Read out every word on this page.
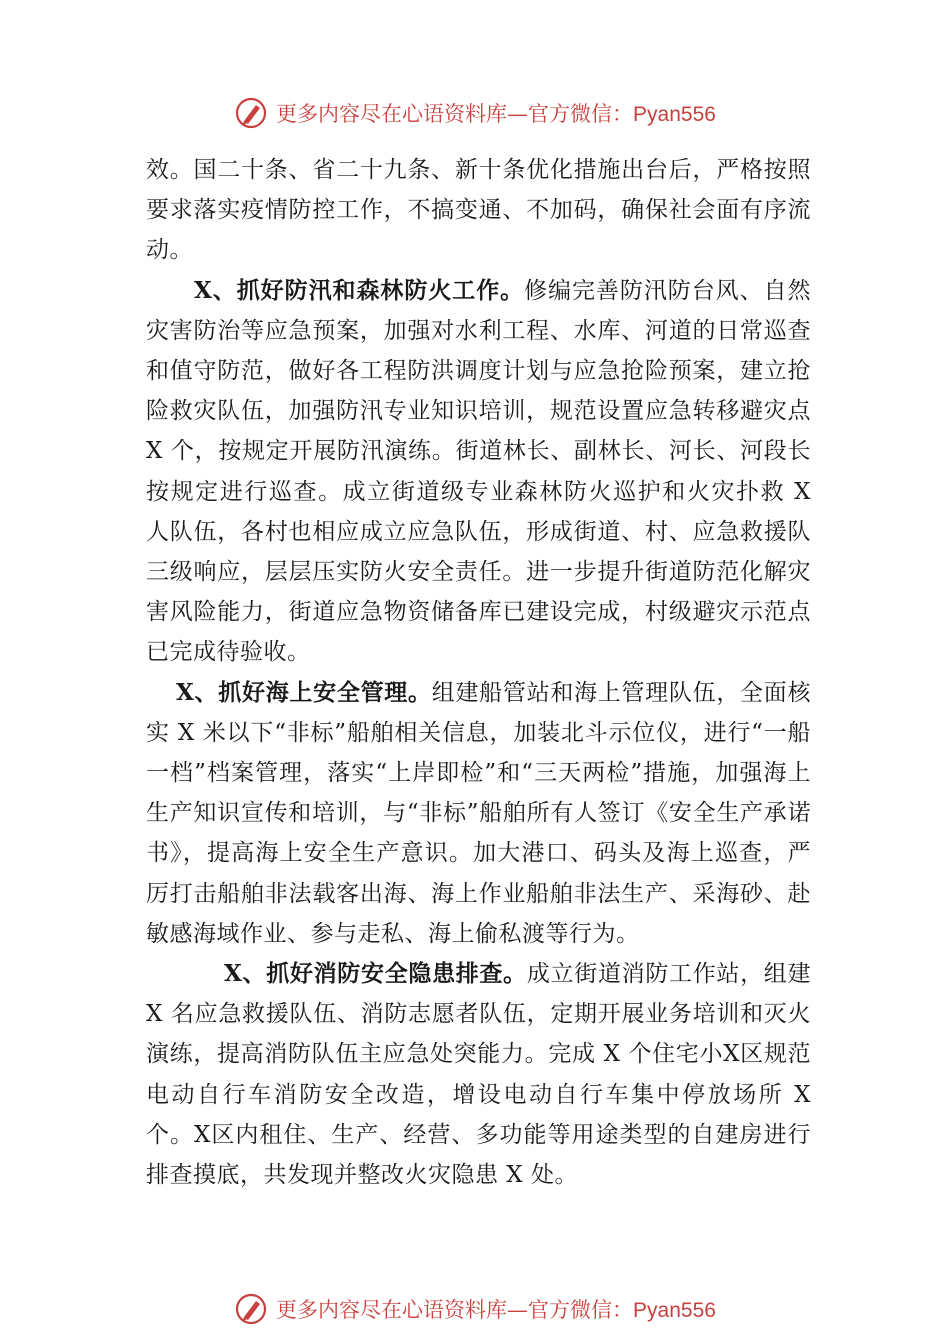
更多内容尽在心语资料库—官方微信：Pyan556

效。国二十条、省二十九条、新十条优化措施出台后，严格按照要求落实疫情防控工作，不搞变通、不加码，确保社会面有序流动。

X、抓好防汛和森林防火工作。修编完善防汛防台风、自然灾害防治等应急预案，加强对水利工程、水库、河道的日常巡查和值守防范，做好各工程防洪调度计划与应急抢险预案，建立抢险救灾队伍，加强防汛专业知识培训，规范设置应急转移避灾点 X 个，按规定开展防汛演练。街道林长、副林长、河长、河段长按规定进行巡查。成立街道级专业森林防火巡护和火灾扑救 X 人队伍，各村也相应成立应急队伍，形成街道、村、应急救援队三级响应，层层压实防火安全责任。进一步提升街道防范化解灾害风险能力，街道应急物资储备库已建设完成，村级避灾示范点已完成待验收。

X、抓好海上安全管理。组建船管站和海上管理队伍，全面核实 X 米以下“非标”船舶相关信息，加装北斗示位仪，进行“一船一档”档案管理，落实“上岸即检”和“三天两检”措施，加强海上生产知识宣传和培训，与“非标”船舶所有人签订《安全生产承诺书》，提高海上安全生产意识。加大港口、码头及海上巡查，严厉打击船舶非法载客出海、海上作业船舶非法生产、采海砂、赴敏感海域作业、参与走私、海上偷私渡等行为。

X、抓好消防安全隐患排查。成立街道消防工作站，组建 X 名应急救援队伍、消防志愿者队伍，定期开展业务培训和灭火演练，提高消防队伍主应急处突能力。完成 X 个住宅小X区规范电动自行车消防安全改造，增设电动自行车集中停放场所 X 个。X区内租住、生产、经营、多功能等用途类型的自建房进行排查摸底，共发现并整改火灾隐患 X 处。

更多内容尽在心语资料库—官方微信：Pyan556
